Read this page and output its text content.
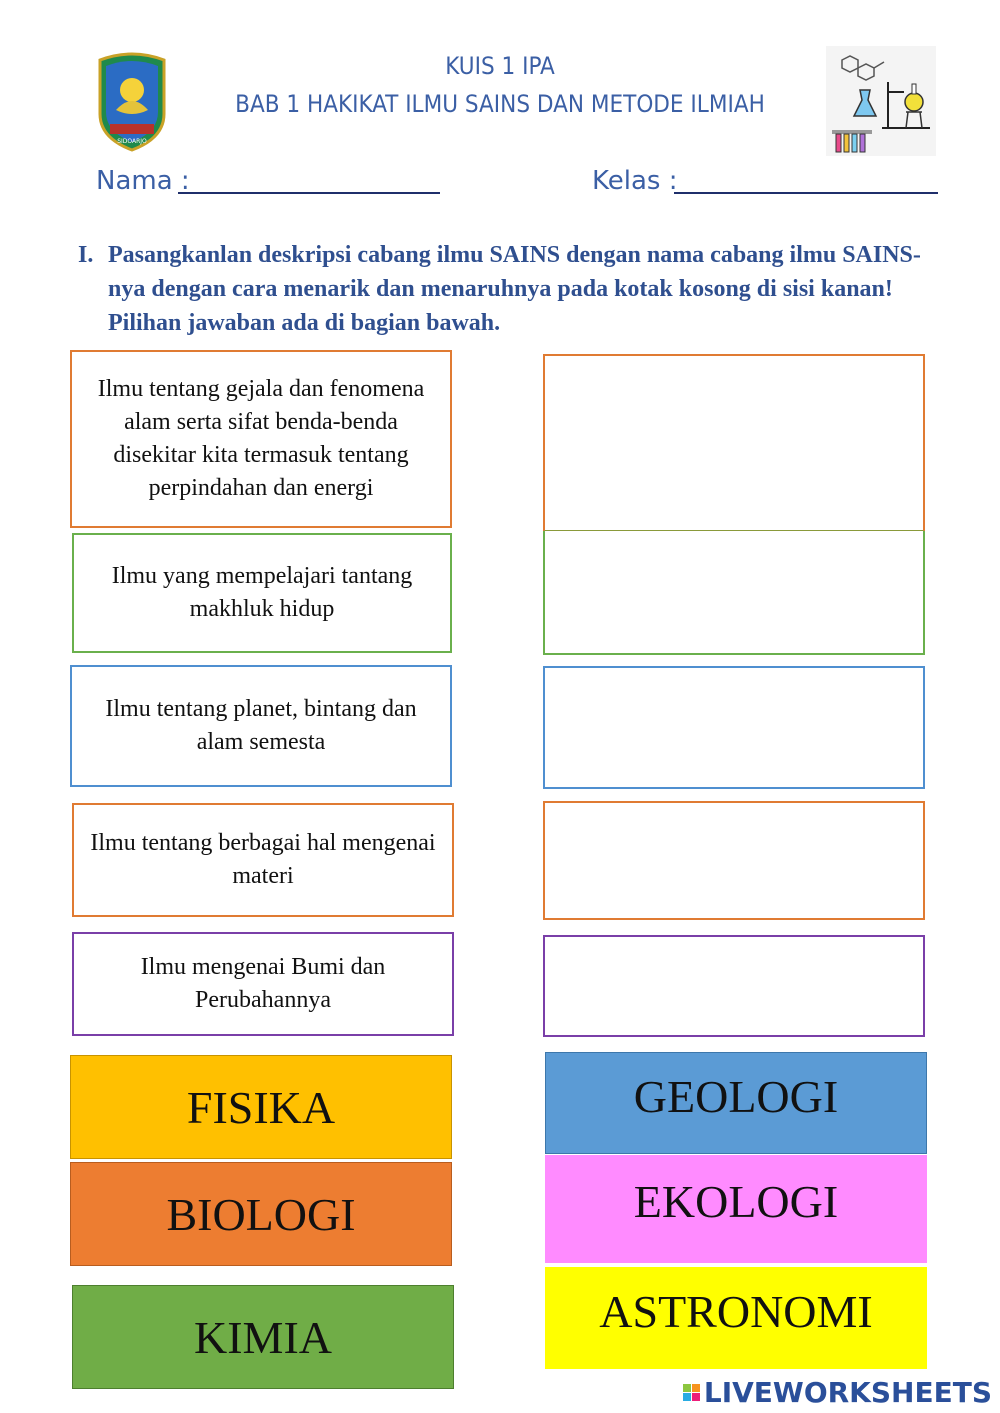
SIDOARJO
KUIS 1 IPA
BAB 1 HAKIKAT ILMU SAINS DAN METODE ILMIAH
Nama :	Kelas :
I. Pasangkanlan deskripsi cabang ilmu SAINS dengan nama cabang ilmu SAINS-nya dengan cara menarik dan menaruhnya pada kotak kosong di sisi kanan! Pilihan jawaban ada di bagian bawah.
Ilmu tentang gejala dan fenomena alam serta sifat benda-benda disekitar kita termasuk tentang perpindahan dan energi
Ilmu yang mempelajari tantang makhluk hidup
Ilmu tentang planet, bintang dan alam semesta
Ilmu tentang berbagai hal mengenai materi
Ilmu mengenai Bumi dan Perubahannya
FISIKA
BIOLOGI
KIMIA
GEOLOGI
EKOLOGI
ASTRONOMI
LIVEWORKSHEETS
